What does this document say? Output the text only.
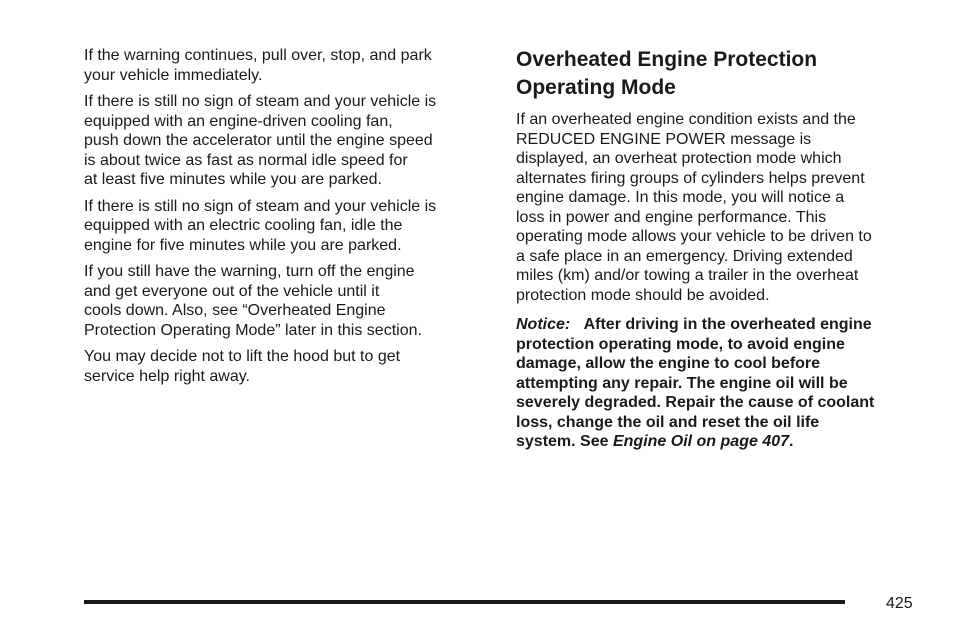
If the warning continues, pull over, stop, and park
your vehicle immediately.

If there is still no sign of steam and your vehicle is
equipped with an engine-driven cooling fan,
push down the accelerator until the engine speed
is about twice as fast as normal idle speed for
at least five minutes while you are parked.

If there is still no sign of steam and your vehicle is
equipped with an electric cooling fan, idle the
engine for five minutes while you are parked.

If you still have the warning, turn off the engine
and get everyone out of the vehicle until it
cools down. Also, see “Overheated Engine
Protection Operating Mode” later in this section.

You may decide not to lift the hood but to get
service help right away.

Overheated Engine Protection
Operating Mode

If an overheated engine condition exists and the
REDUCED ENGINE POWER message is
displayed, an overheat protection mode which
alternates firing groups of cylinders helps prevent
engine damage. In this mode, you will notice a
loss in power and engine performance. This
operating mode allows your vehicle to be driven to
a safe place in an emergency. Driving extended
miles (km) and/or towing a trailer in the overheat
protection mode should be avoided.

Notice: After driving in the overheated engine
protection operating mode, to avoid engine
damage, allow the engine to cool before
attempting any repair. The engine oil will be
severely degraded. Repair the cause of coolant
loss, change the oil and reset the oil life
system. See Engine Oil on page 407.

425
